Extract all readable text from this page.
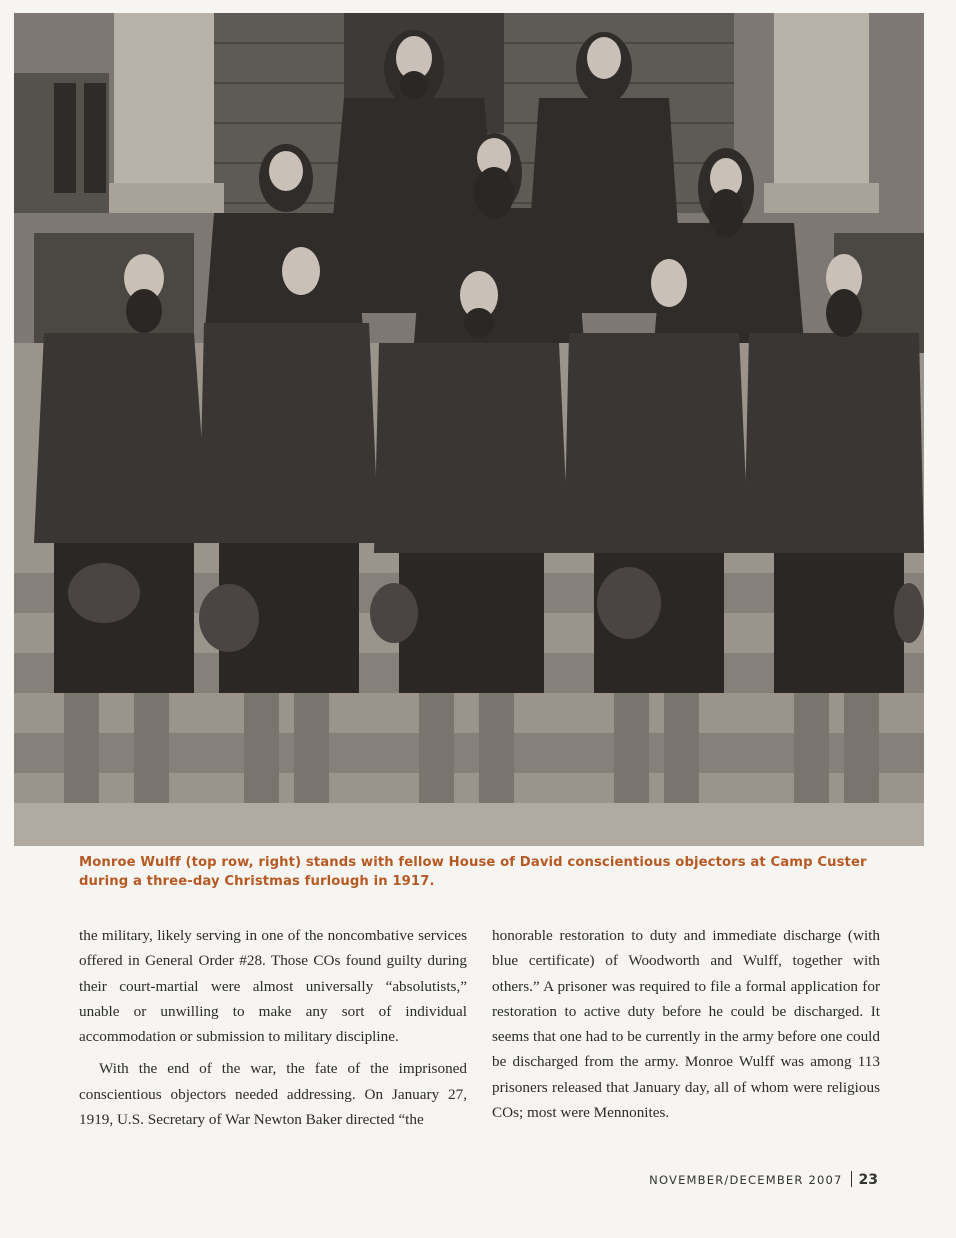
Monroe Wulff (top row, right) stands with fellow House of David conscientious objectors at Camp Custer during a three-day Christmas furlough in 1917.

the military, likely serving in one of the noncombative services offered in General Order #28. Those COs found guilty during their court-martial were almost universally “absolutists,” unable or unwilling to make any sort of individual accommodation or submission to military discipline.

With the end of the war, the fate of the imprisoned conscientious objectors needed addressing. On January 27, 1919, U.S. Secretary of War Newton Baker directed “the

honorable restoration to duty and immediate discharge (with blue certificate) of Woodworth and Wulff, together with others.” A prisoner was required to file a formal application for restoration to active duty before he could be discharged. It seems that one had to be currently in the army before one could be discharged from the army. Monroe Wulff was among 113 prisoners released that January day, all of whom were religious COs; most were Mennonites.

NOVEMBER/DECEMBER 2007 23
